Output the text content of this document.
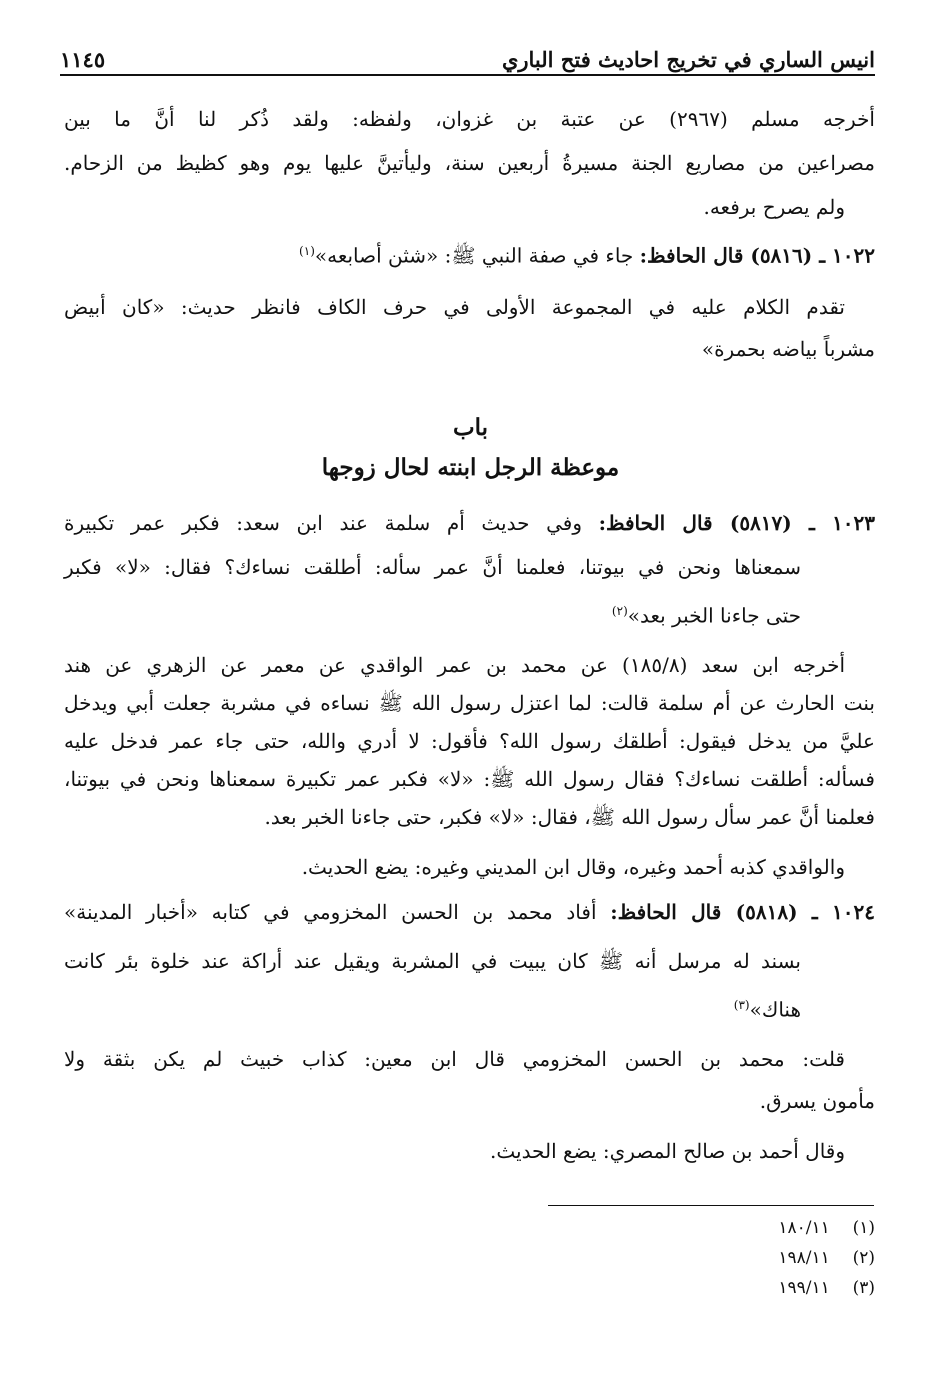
انيس الساري في تخريج احاديث فتح الباري
١١٤٥
أخرجه مسلم (٢٩٦٧) عن عتبة بن غزوان، ولفظه: ولقد ذُكر لنا أنَّ ما بين
مصراعين من مصاريع الجنة مسيرةُ أربعين سنة، وليأتينَّ عليها يوم وهو كظيظ من الزحام.
ولم يصرح برفعه.
١٠٢٢ ـ (٥٨١٦) قال الحافظ: جاء في صفة النبي ﷺ: «شثن أصابعه»$^{(١)}$
تقدم الكلام عليه في المجموعة الأولى في حرف الكاف فانظر حديث: «كان أبيض
مشرباً بياضه بحمرة»
باب
موعظة الرجل ابنته لحال زوجها
١٠٢٣ ـ (٥٨١٧) قال الحافظ: وفي حديث أم سلمة عند ابن سعد: فكبر عمر تكبيرة
سمعناها ونحن في بيوتنا، فعلمنا أنَّ عمر سأله: أطلقت نساءك؟ فقال: «لا» فكبر
حتى جاءنا الخبر بعد»$^{(٢)}$
أخرجه ابن سعد (١٨٥/٨) عن محمد بن عمر الواقدي عن معمر عن الزهري عن هند
بنت الحارث عن أم سلمة قالت: لما اعتزل رسول الله ﷺ نساءه في مشربة جعلت أبي ويدخل
عليَّ من يدخل فيقول: أطلقك رسول الله؟ فأقول: لا أدري والله، حتى جاء عمر فدخل عليه
فسأله: أطلقت نساءك؟ فقال رسول الله ﷺ: «لا» فكبر عمر تكبيرة سمعناها ونحن في بيوتنا،
فعلمنا أنَّ عمر سأل رسول الله ﷺ، فقال: «لا» فكبر، حتى جاءنا الخبر بعد.
والواقدي كذبه أحمد وغيره، وقال ابن المديني وغيره: يضع الحديث.
١٠٢٤ ـ (٥٨١٨) قال الحافظ: أفاد محمد بن الحسن المخزومي في كتابه «أخبار المدينة»
بسند له مرسل أنه ﷺ كان يبيت في المشربة ويقيل عند أراكة عند خلوة بئر كانت
هناك»$^{(٣)}$
قلت: محمد بن الحسن المخزومي قال ابن معين: كذاب خبيث لم يكن بثقة ولا
مأمون يسرق.
وقال أحمد بن صالح المصري: يضع الحديث.
(١)  ١٨٠/١١
(٢)  ١٩٨/١١
(٣)  ١٩٩/١١
